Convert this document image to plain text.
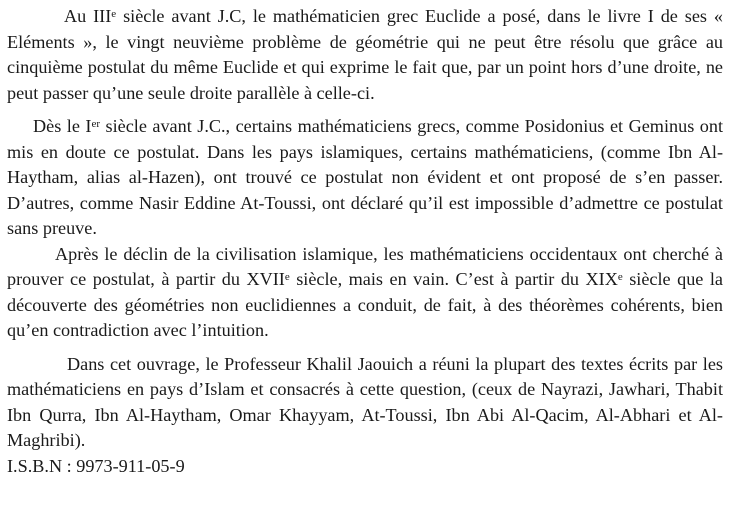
Au IIIe siècle avant J.C, le mathématicien grec Euclide a posé, dans le livre I de ses « Eléments », le vingt neuvième problème de géométrie qui ne peut être résolu que grâce au cinquième postulat du même Euclide et qui exprime le fait que, par un point hors d’une droite, ne peut passer qu’une seule droite parallèle à celle-ci.

Dès le Ier siècle avant J.C., certains mathématiciens grecs, comme Posidonius et Geminus ont mis en doute ce postulat. Dans les pays islamiques, certains mathématiciens, (comme Ibn Al-Haytham, alias al-Hazen), ont trouvé ce postulat non évident et ont proposé de s’en passer. D’autres, comme Nasir Eddine At-Toussi, ont déclaré qu’il est impossible d’admettre ce postulat sans preuve.

Après le déclin de la civilisation islamique, les mathématiciens occidentaux ont cherché à prouver ce postulat, à partir du XVIIe siècle, mais en vain. C’est à partir du XIXe siècle que la découverte des géométries non euclidiennes a conduit, de fait, à des théorèmes cohérents, bien qu’en contradiction avec l’intuition.

Dans cet ouvrage, le Professeur Khalil Jaouich a réuni la plupart des textes écrits par les mathématiciens en pays d’Islam et consacrés à cette question, (ceux de Nayrazi, Jawhari, Thabit Ibn Qurra, Ibn Al-Haytham, Omar Khayyam, At-Toussi, Ibn Abi Al-Qacim, Al-Abhari et Al-Maghribi).

I.S.B.N : 9973-911-05-9
